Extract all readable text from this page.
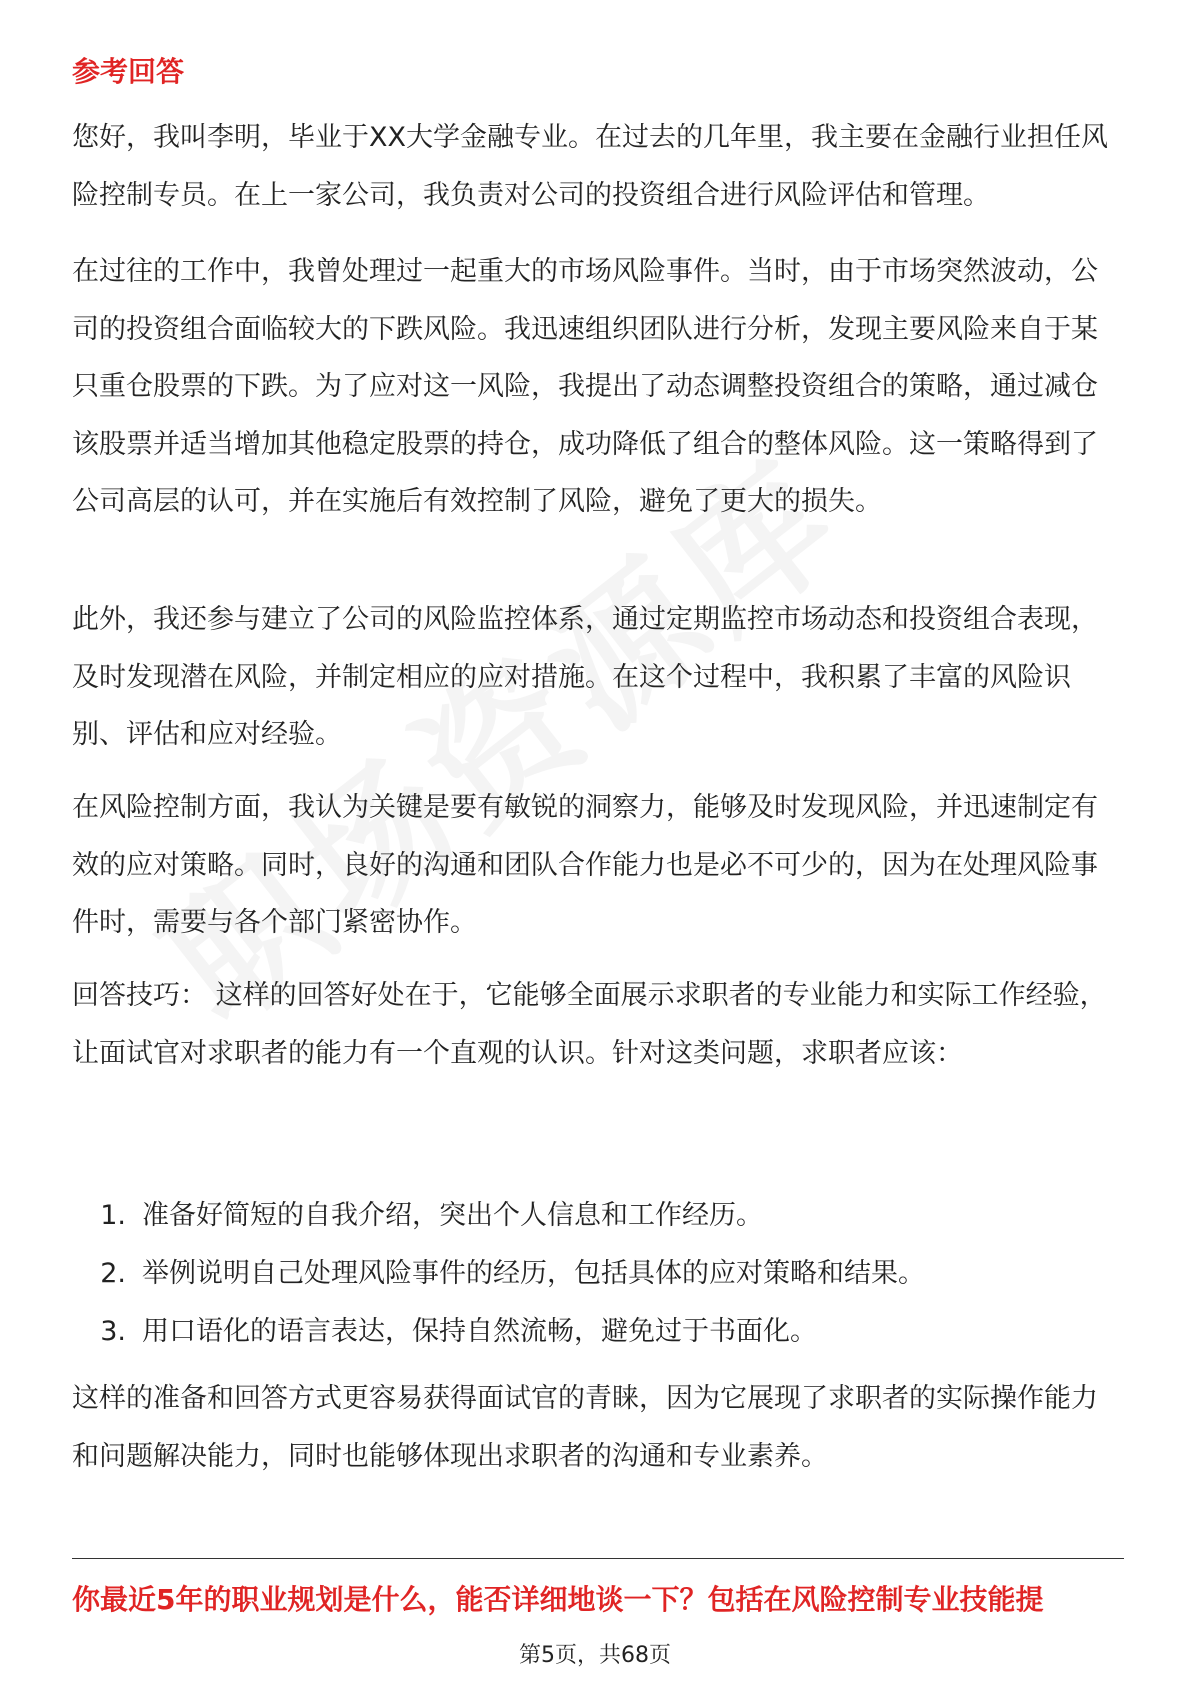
参考回答

您好，我叫李明，毕业于XX大学金融专业。在过去的几年里，我主要在金融行业担任风险控制专员。在上一家公司，我负责对公司的投资组合进行风险评估和管理。

在过往的工作中，我曾处理过一起重大的市场风险事件。当时，由于市场突然波动，公司的投资组合面临较大的下跌风险。我迅速组织团队进行分析，发现主要风险来自于某只重仓股票的下跌。为了应对这一风险，我提出了动态调整投资组合的策略，通过减仓该股票并适当增加其他稳定股票的持仓，成功降低了组合的整体风险。这一策略得到了公司高层的认可，并在实施后有效控制了风险，避免了更大的损失。

此外，我还参与建立了公司的风险监控体系，通过定期监控市场动态和投资组合表现，及时发现潜在风险，并制定相应的应对措施。在这个过程中，我积累了丰富的风险识别、评估和应对经验。

在风险控制方面，我认为关键是要有敏锐的洞察力，能够及时发现风险，并迅速制定有效的应对策略。同时，良好的沟通和团队合作能力也是必不可少的，因为在处理风险事件时，需要与各个部门紧密协作。

回答技巧： 这样的回答好处在于，它能够全面展示求职者的专业能力和实际工作经验，让面试官对求职者的能力有一个直观的认识。针对这类问题，求职者应该：

1. 准备好简短的自我介绍，突出个人信息和工作经历。
2. 举例说明自己处理风险事件的经历，包括具体的应对策略和结果。
3. 用口语化的语言表达，保持自然流畅，避免过于书面化。

这样的准备和回答方式更容易获得面试官的青睐，因为它展现了求职者的实际操作能力和问题解决能力，同时也能够体现出求职者的沟通和专业素养。

你最近5年的职业规划是什么，能否详细地谈一下？包括在风险控制专业技能提
第5页，共68页
